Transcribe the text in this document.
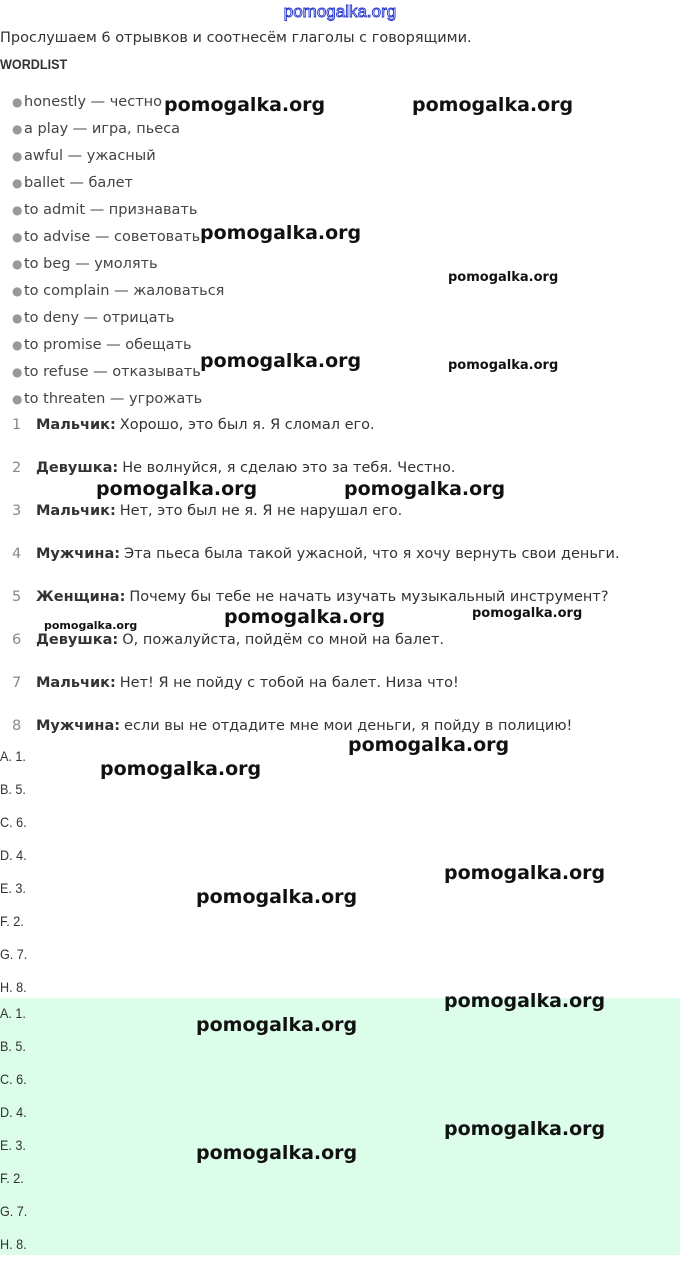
pomogalka.org
Прослушаем 6 отрывков и соотнесём глаголы с говорящими.
WORDLIST
● honestly — честно
● a play — игра, пьеса
● awful — ужасный
● ballet — балет
● to admit — признавать
● to advise — советовать
● to beg — умолять
● to complain — жаловаться
● to deny — отрицать
● to promise — обещать
● to refuse — отказывать
● to threaten — угрожать
1	Мальчик: Хорошо, это был я. Я сломал его.
2	Девушка: Не волнуйся, я сделаю это за тебя. Честно.
3	Мальчик: Нет, это был не я. Я не нарушал его.
4	Мужчина: Эта пьеса была такой ужасной, что я хочу вернуть свои деньги.
5	Женщина: Почему бы тебе не начать изучать музыкальный инструмент?
6	Девушка: О, пожалуйста, пойдём со мной на балет.
7	Мальчик: Нет! Я не пойду с тобой на балет. Низа что!
8	Мужчина: если вы не отдадите мне мои деньги, я пойду в полицию!
A. 1.
B. 5.
C. 6.
D. 4.
E. 3.
F. 2.
G. 7.
H. 8.
A. 1.
B. 5.
C. 6.
D. 4.
E. 3.
F. 2.
G. 7.
H. 8.
pomogalka.org	pomogalka.org
pomogalka.org
pomogalka.org
pomogalka.org	pomogalka.org
pomogalka.org	pomogalka.org
pomogalka.org	pomogalka.org
pomogalka.org
pomogalka.org
pomogalka.org
pomogalka.org
pomogalka.org
pomogalka.org
pomogalka.org
pomogalka.org
pomogalka.org
